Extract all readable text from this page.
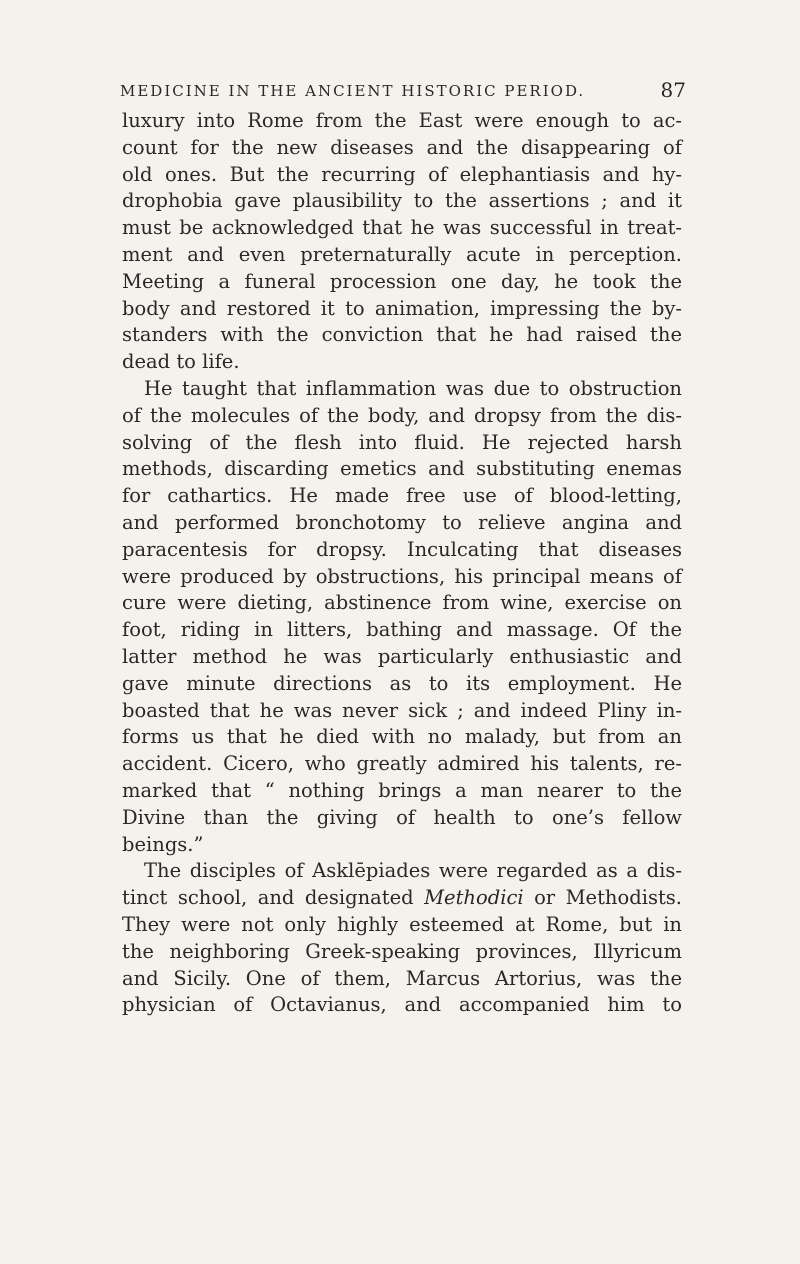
MEDICINE IN THE ANCIENT HISTORIC PERIOD.	87
luxury into Rome from the East were enough to ac-
count for the new diseases and the disappearing of
old ones. But the recurring of elephantiasis and hy-
drophobia gave plausibility to the assertions ; and it
must be acknowledged that he was successful in treat-
ment and even preternaturally acute in perception.
Meeting a funeral procession one day, he took the
body and restored it to animation, impressing the by-
standers with the conviction that he had raised the
dead to life.
He taught that inflammation was due to obstruction
of the molecules of the body, and dropsy from the dis-
solving of the flesh into fluid. He rejected harsh
methods, discarding emetics and substituting enemas
for cathartics. He made free use of blood-letting,
and performed bronchotomy to relieve angina and
paracentesis for dropsy. Inculcating that diseases
were produced by obstructions, his principal means of
cure were dieting, abstinence from wine, exercise on
foot, riding in litters, bathing and massage. Of the
latter method he was particularly enthusiastic and
gave minute directions as to its employment. He
boasted that he was never sick ; and indeed Pliny in-
forms us that he died with no malady, but from an
accident. Cicero, who greatly admired his talents, re-
marked that “ nothing brings a man nearer to the
Divine than the giving of health to one’s fellow
beings.”
The disciples of Asklēpiades were regarded as a dis-
tinct school, and designated Methodici or Methodists.
They were not only highly esteemed at Rome, but in
the neighboring Greek-speaking provinces, Illyricum
and Sicily. One of them, Marcus Artorius, was the
physician of Octavianus, and accompanied him to
